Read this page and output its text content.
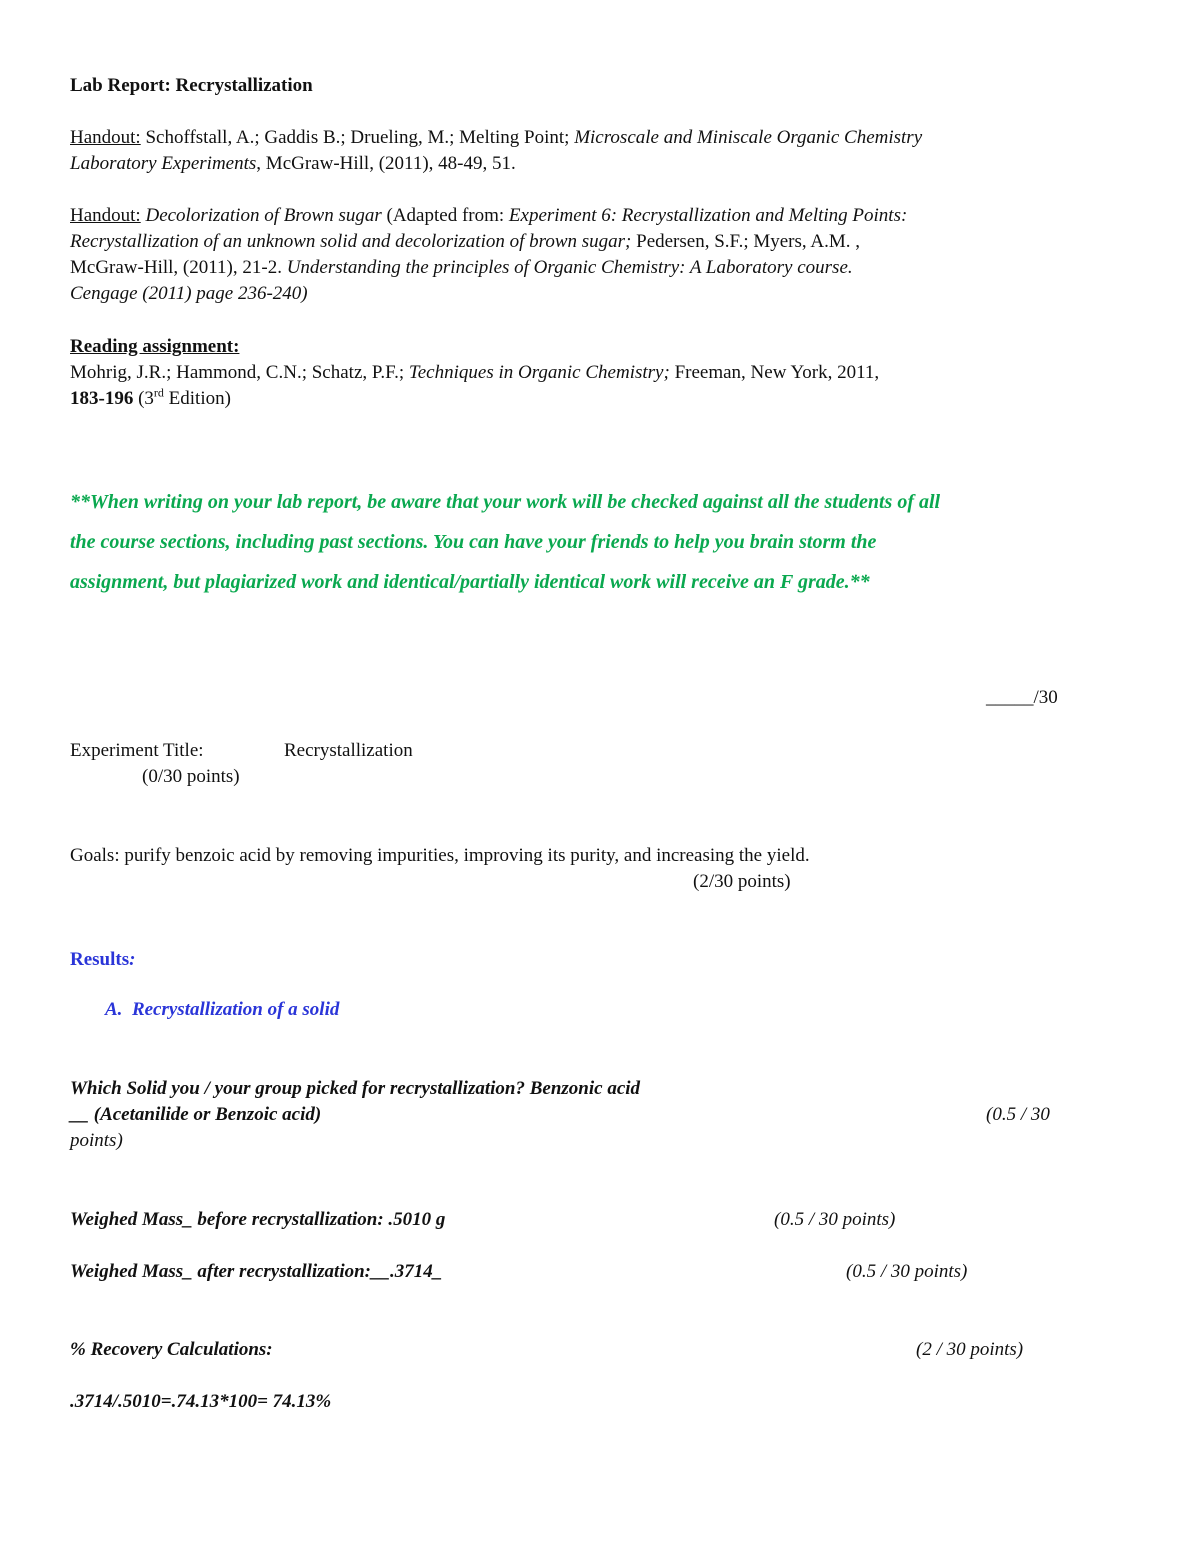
Lab Report: Recrystallization
Handout: Schoffstall, A.; Gaddis B.; Drueling, M.; Melting Point; Microscale and Miniscale Organic Chemistry
Laboratory Experiments, McGraw-Hill, (2011), 48-49, 51.
Handout: Decolorization of Brown sugar (Adapted from: Experiment 6: Recrystallization and Melting Points:
Recrystallization of an unknown solid and decolorization of brown sugar; Pedersen, S.F.; Myers, A.M. ,
McGraw-Hill, (2011), 21-2. Understanding the principles of Organic Chemistry: A Laboratory course.
Cengage (2011) page 236-240)
Reading assignment:
Mohrig, J.R.; Hammond, C.N.; Schatz, P.F.; Techniques in Organic Chemistry; Freeman, New York, 2011,
183-196 (3rd Edition)
**When writing on your lab report, be aware that your work will be checked against all the students of all
the course sections, including past sections. You can have your friends to help you brain storm the
assignment, but plagiarized work and identical/partially identical work will receive an F grade.**
_____/30
Experiment Title:	Recrystallization
(0/30 points)
Goals: purify benzoic acid by removing impurities, improving its purity, and increasing the yield.
(2/30 points)
Results:
A. Recrystallization of a solid
Which Solid you / your group picked for recrystallization? Benzonic acid
__ (Acetanilide or Benzoic acid)	(0.5 / 30
points)
Weighed Mass_ before recrystallization: .5010 g	(0.5 / 30 points)
Weighed Mass_ after recrystallization:__.3714_	(0.5 / 30 points)
% Recovery Calculations:	(2 / 30 points)
.3714/.5010=.74.13*100= 74.13%
